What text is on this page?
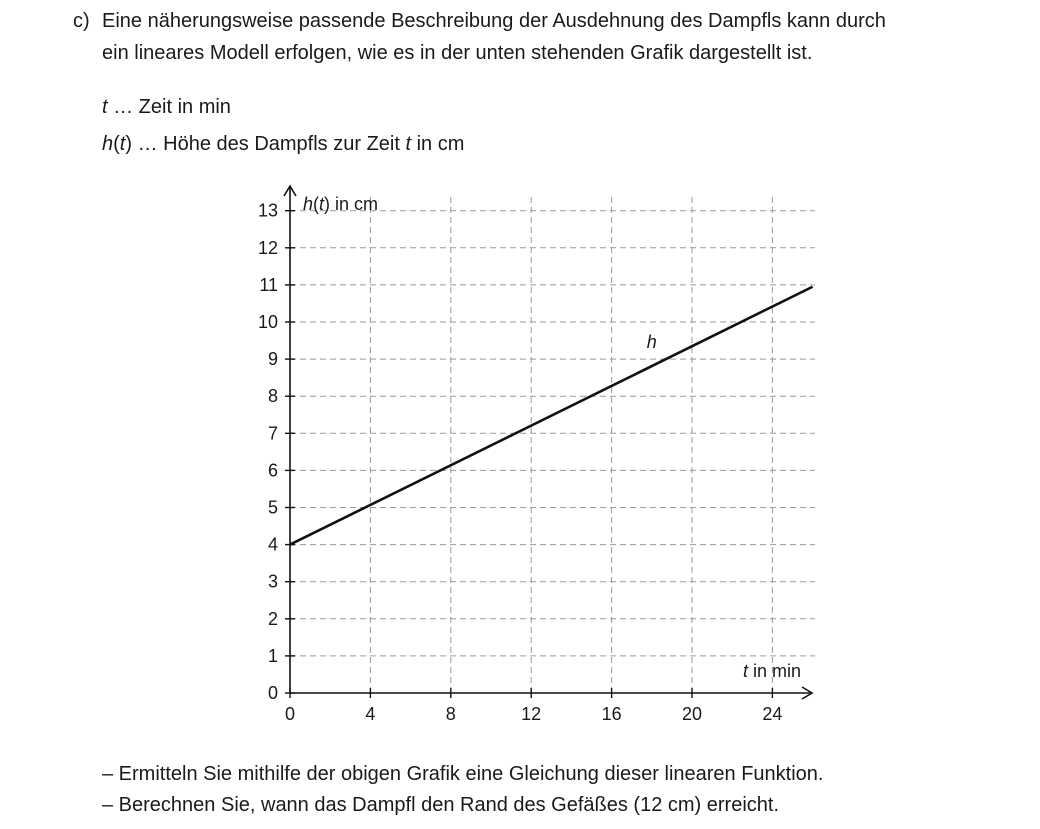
c) Eine näherungsweise passende Beschreibung der Ausdehnung des Dampfls kann durch
ein lineares Modell erfolgen, wie es in der unten stehenden Grafik dargestellt ist.
t … Zeit in min
h(t) … Höhe des Dampfls zur Zeit t in cm
0	4	8	12	16	20	24
0
1
2
3
4
5
6
7
8
9
10
11
12
13
h
h(t) in cm
t in min
– Ermitteln Sie mithilfe der obigen Grafik eine Gleichung dieser linearen Funktion.
– Berechnen Sie, wann das Dampfl den Rand des Gefäßes (12 cm) erreicht.
